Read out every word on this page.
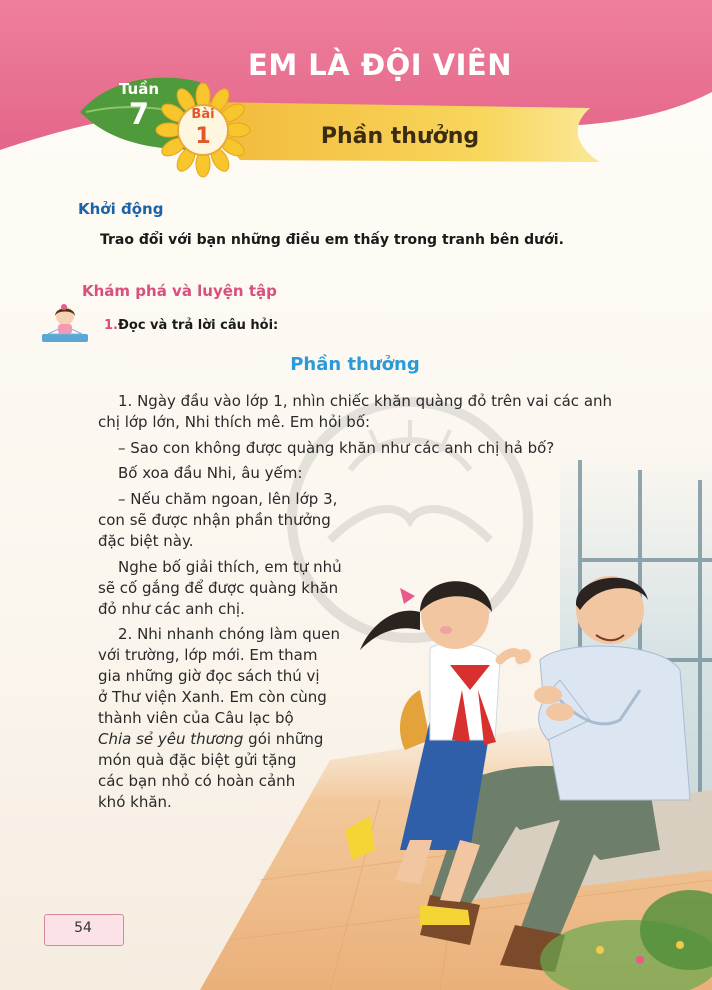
EM LÀ ĐỘI VIÊN
Tuần
7	Bài
1	Phần thưởng
Khởi động
Trao đổi với bạn những điều em thấy trong tranh bên dưới.
Khám phá và luyện tập
1. Đọc và trả lời câu hỏi:
Phần thưởng
1. Ngày đầu vào lớp 1, nhìn chiếc khăn quàng đỏ trên vai các anh
chị lớp lớn, Nhi thích mê. Em hỏi bố:
– Sao con không được quàng khăn như các anh chị hả bố?
Bố xoa đầu Nhi, âu yếm:
– Nếu chăm ngoan, lên lớp 3,
con sẽ được nhận phần thưởng
đặc biệt này.
Nghe bố giải thích, em tự nhủ
sẽ cố gắng để được quàng khăn
đỏ như các anh chị.
2. Nhi nhanh chóng làm quen
với trường, lớp mới. Em tham
gia những giờ đọc sách thú vị
ở Thư viện Xanh. Em còn cùng
thành viên của Câu lạc bộ
Chia sẻ yêu thương gói những
món quà đặc biệt gửi tặng
các bạn nhỏ có hoàn cảnh
khó khăn.
54
